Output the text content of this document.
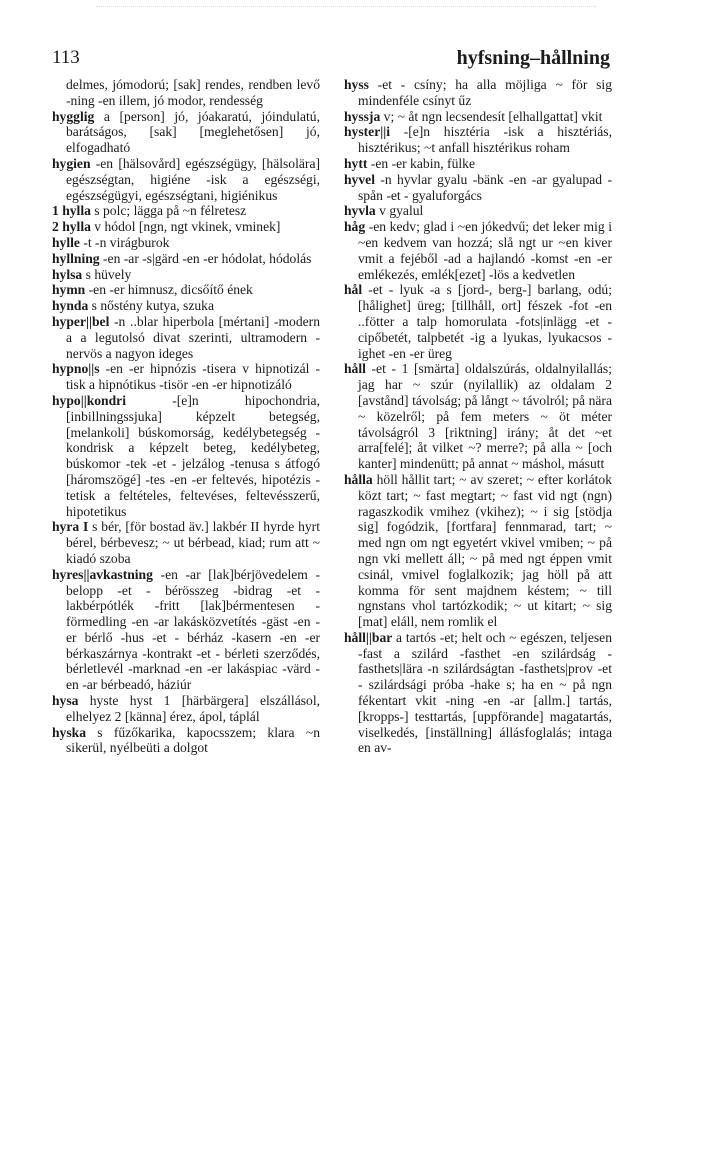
113	hyfsning–hållning

delmes, jómodorú; [sak] rendes, rendben levő -ning -en illem, jó modor, rendesség

hygglig a [person] jó, jóakaratú, jóindulatú, barátságos, [sak] [meglehetősen] jó, elfogadható

hygien -en [hälsovård] egészségügy, [hälsolära] egészségtan, higiéne -isk a egészségi, egészségügyi, egészségtani, higiénikus

1 hylla s polc; lägga på ~n félretesz

2 hylla v hódol [ngn, ngt vkinek, vminek]

hylle -t -n virágburok

hyllning -en -ar -s|gärd -en -er hódolat, hódolás

hylsa s hüvely

hymn -en -er himnusz, dicsőítő ének

hynda s nőstény kutya, szuka

hyper||bel -n ..blar hiperbola [mértani] -modern a a legutolsó divat szerinti, ultramodern -nervös a nagyon ideges

hypno||s -en -er hipnózis -tisera v hipnotizál -tisk a hipnótikus -tisör -en -er hipnotizáló

hypo||kondri -[e]n hipochondria, [inbillningssjuka] képzelt betegség, [melankoli] búskomorság, kedélybetegség -kondrisk a képzelt beteg, kedélybeteg, búskomor -tek -et - jelzálog -tenusa s átfogó [háromszögé] -tes -en -er feltevés, hipotézis -tetisk a feltételes, feltevéses, feltevésszerű, hipotetikus

hyra I s bér, [för bostad äv.] lakbér II hyrde hyrt bérel, bérbevesz; ~ ut bérbead, kiad; rum att ~ kiadó szoba

hyres||avkastning -en -ar [lak]bérjövedelem -belopp -et - bérösszeg -bidrag -et - lakbérpótlék -fritt [lak]bérmentesen -förmedling -en -ar lakásközvetítés -gäst -en -er bérlő -hus -et - bérház -kasern -en -er bérkaszárnya -kontrakt -et - bérleti szerződés, bérletlevél -marknad -en -er lakáspiac -värd -en -ar bérbeadó, háziúr

hysa hyste hyst 1 [härbärgera] elszállásol, elhelyez 2 [känna] érez, ápol, táplál

hyska s fűzőkarika, kapocsszem; klara ~n sikerül, nyélbeüti a dolgot

hyss -et - csíny; ha alla möjliga ~ för sig mindenféle csínyt űz

hyssja v; ~ åt ngn lecsendesít [elhallgattat] vkit

hyster||i -[e]n hisztéria -isk a hisztériás, hisztérikus; ~t anfall hisztérikus roham

hytt -en -er kabin, fülke

hyvel -n hyvlar gyalu -bänk -en -ar gyalupad -spån -et - gyaluforgács

hyvla v gyalul

håg -en kedv; glad i ~en jókedvű; det leker mig i ~en kedvem van hozzá; slå ngt ur ~en kiver vmit a fejéből -ad a hajlandó -komst -en -er emlékezés, emlék[ezet] -lös a kedvetlen

hål -et - lyuk -a s [jord-, berg-] barlang, odú; [hålighet] üreg; [tillhåll, ort] fészek -fot -en ..fötter a talp homorulata -fots|inlägg -et - cipőbetét, talpbetét -ig a lyukas, lyukacsos -ighet -en -er üreg

håll -et - 1 [smärta] oldalszúrás, oldalnyilallás; jag har ~ szúr (nyilallik) az oldalam 2 [avstånd] távolság; på långt ~ távolról; på nära ~ közelről; på fem meters ~ öt méter távolságról 3 [riktning] irány; åt det ~et arra[felé]; åt vilket ~? merre?; på alla ~ [och kanter] mindenütt; på annat ~ máshol, másutt

hålla höll hållit tart; ~ av szeret; ~ efter korlátok közt tart; ~ fast megtart; ~ fast vid ngt (ngn) ragaszkodik vmihez (vkihez); ~ i sig [stödja sig] fogódzik, [fortfara] fennmarad, tart; ~ med ngn om ngt egyetért vkivel vmiben; ~ på ngn vki mellett áll; ~ på med ngt éppen vmit csinál, vmivel foglalkozik; jag höll på att komma för sent majdnem késtem; ~ till ngnstans vhol tartózkodik; ~ ut kitart; ~ sig [mat] eláll, nem romlik el

håll||bar a tartós -et; helt och ~ egészen, teljesen -fast a szilárd -fasthet -en szilárdság -fasthets|lära -n szilárdságtan -fasthets|prov -et - szilárdsági próba -hake s; ha en ~ på ngn fékentart vkit -ning -en -ar [allm.] tartás, [kropps-] testtartás, [uppförande] magatartás, viselkedés, [inställning] állásfoglalás; intaga en av-
